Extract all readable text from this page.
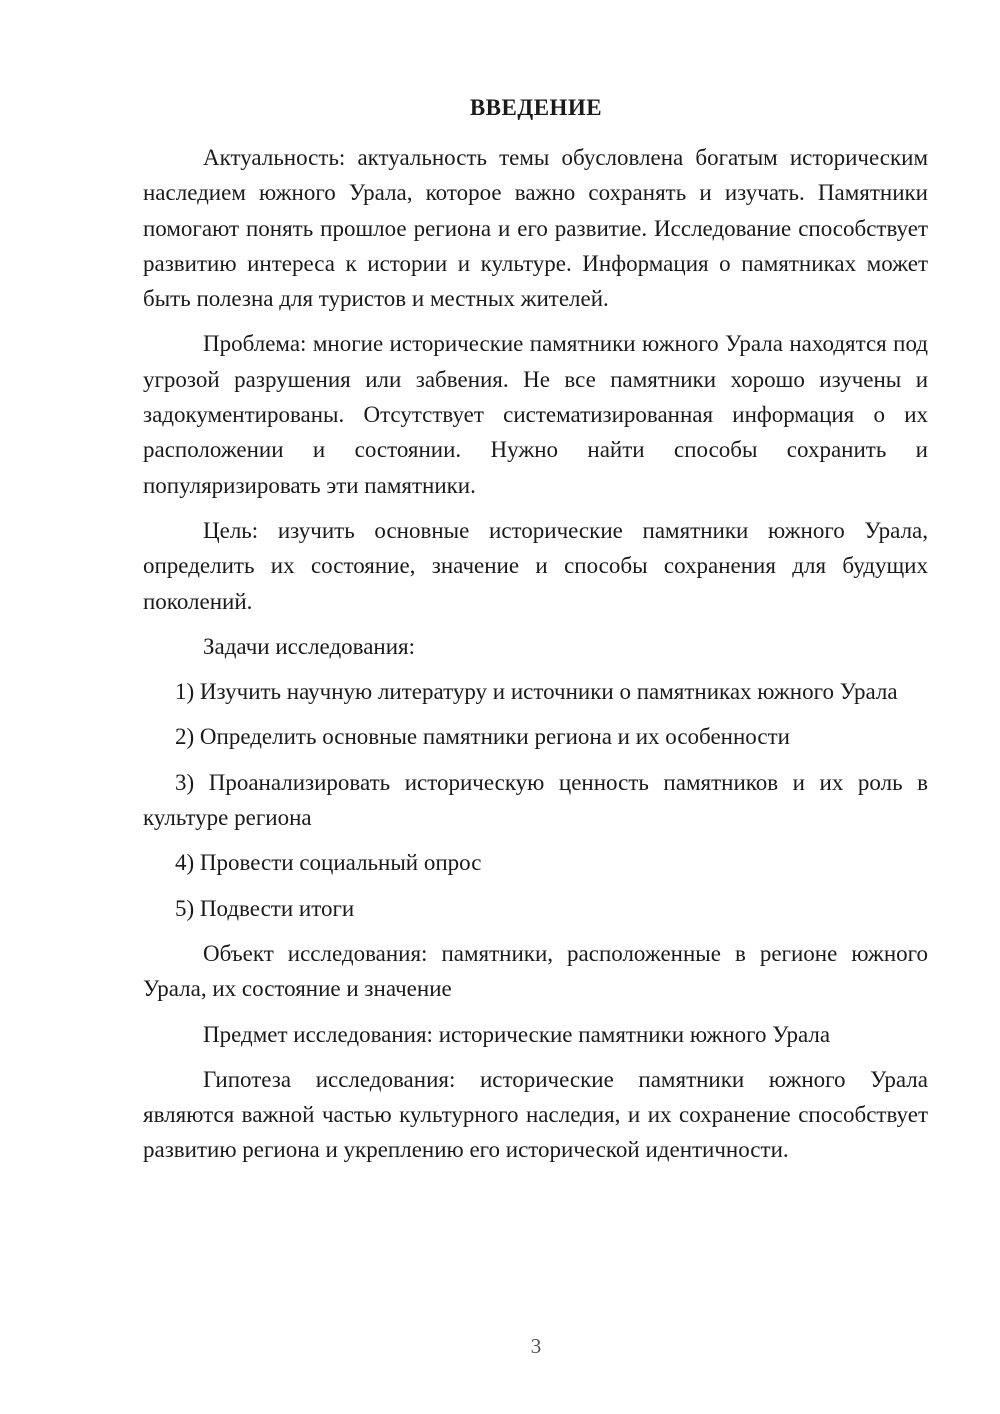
ВВЕДЕНИЕ

Актуальность: актуальность темы обусловлена богатым историческим наследием южного Урала, которое важно сохранять и изучать. Памятники помогают понять прошлое региона и его развитие. Исследование способствует развитию интереса к истории и культуре. Информация о памятниках может быть полезна для туристов и местных жителей.

Проблема: многие исторические памятники южного Урала находятся под угрозой разрушения или забвения. Не все памятники хорошо изучены и задокументированы. Отсутствует систематизированная информация о их расположении и состоянии. Нужно найти способы сохранить и популяризировать эти памятники.

Цель: изучить основные исторические памятники южного Урала, определить их состояние, значение и способы сохранения для будущих поколений.

Задачи исследования:

1) Изучить научную литературу и источники о памятниках южного Урала

2) Определить основные памятники региона и их особенности

3) Проанализировать историческую ценность памятников и их роль в культуре региона

4) Провести социальный опрос

5) Подвести итоги

Объект исследования: памятники, расположенные в регионе южного Урала, их состояние и значение

Предмет исследования: исторические памятники южного Урала

Гипотеза исследования: исторические памятники южного Урала являются важной частью культурного наследия, и их сохранение способствует развитию региона и укреплению его исторической идентичности.

3
